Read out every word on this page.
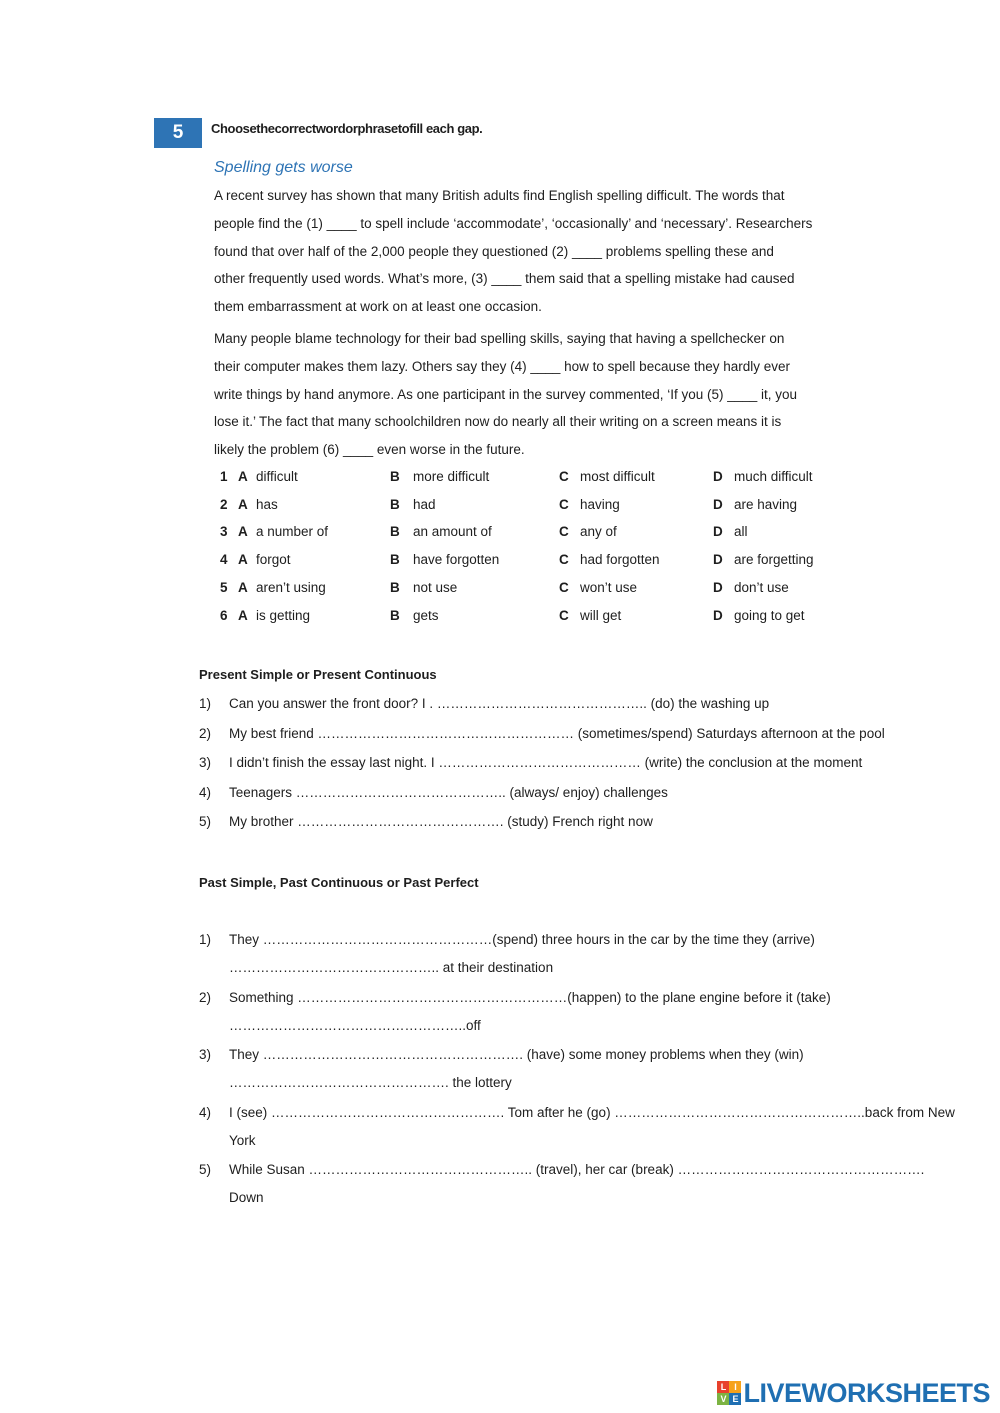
5	Choosethecorrectwordorphrasetofill each gap.
Spelling gets worse
A recent survey has shown that many British adults find English spelling difficult. The words that
people find the (1) ____ to spell include ‘accommodate’, ‘occasionally’ and ‘necessary’. Researchers
found that over half of the 2,000 people they questioned (2) ____ problems spelling these and
other frequently used words. What’s more, (3) ____ them said that a spelling mistake had caused
them embarrassment at work on at least one occasion.
Many people blame technology for their bad spelling skills, saying that having a spellchecker on
their computer makes them lazy. Others say they (4) ____ how to spell because they hardly ever
write things by hand anymore. As one participant in the survey commented, ‘If you (5) ____ it, you
lose it.’ The fact that many schoolchildren now do nearly all their writing on a screen means it is
likely the problem (6) ____ even worse in the future.
1 A difficult	B more difficult	C most difficult	D much difficult
2 A has	B had	C having	D are having
3 A a number of	B an amount of	C any of	D all
4 A forgot	B have forgotten	C had forgotten	D are forgetting
5 A aren’t using	B not use	C won’t use	D don’t use
6 A is getting	B gets	C will get	D going to get
Present Simple or Present Continuous
1) Can you answer the front door? I . ……………………………………….. (do) the washing up
2) My best friend ………………………………………………… (sometimes/spend) Saturdays afternoon at the pool
3) I didn’t finish the essay last night. I ……………………………………… (write) the conclusion at the moment
4) Teenagers ……………………………………….. (always/ enjoy) challenges
5) My brother ………………………………………. (study) French right now
Past Simple, Past Continuous or Past Perfect
1) They ……………………………………………(spend) three hours in the car by the time they (arrive)
……………………………………….. at their destination
2) Something ……………………………………………………(happen) to the plane engine before it (take)
……………………………………………..off
3) They …………………………………………………. (have) some money problems when they (win)
…………………………………………. the lottery
4) I (see) ……………………………………………. Tom after he (go) ………………………………………………..back from New
York
5) While Susan ………………………………………….. (travel), her car (break) ……………………………………………….
Down
L I
V E LIVEWORKSHEETS
